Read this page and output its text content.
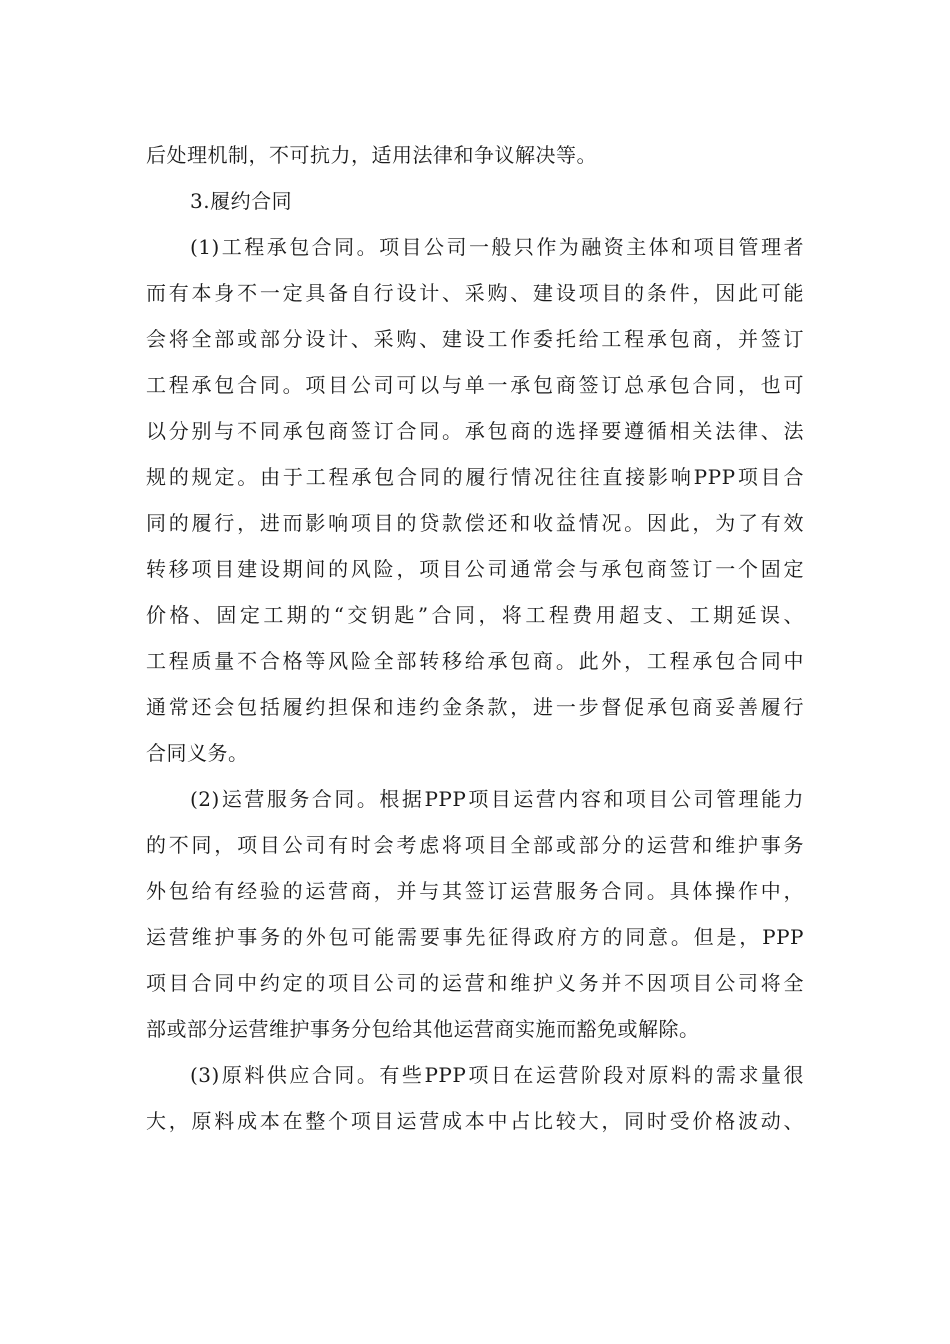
后处理机制，不可抗力，适用法律和争议解决等。
3.履约合同
(1)工程承包合同。项目公司一般只作为融资主体和项目管理者
而有本身不一定具备自行设计、采购、建设项目的条件，因此可能
会将全部或部分设计、采购、建设工作委托给工程承包商，并签订
工程承包合同。项目公司可以与单一承包商签订总承包合同，也可
以分别与不同承包商签订合同。承包商的选择要遵循相关法律、法
规的规定。由于工程承包合同的履行情况往往直接影响PPP项目合
同的履行，进而影响项目的贷款偿还和收益情况。因此，为了有效
转移项目建设期间的风险，项目公司通常会与承包商签订一个固定
价格、固定工期的“交钥匙”合同，将工程费用超支、工期延误、
工程质量不合格等风险全部转移给承包商。此外，工程承包合同中
通常还会包括履约担保和违约金条款，进一步督促承包商妥善履行
合同义务。
(2)运营服务合同。根据PPP项目运营内容和项目公司管理能力
的不同，项目公司有时会考虑将项目全部或部分的运营和维护事务
外包给有经验的运营商，并与其签订运营服务合同。具体操作中，
运营维护事务的外包可能需要事先征得政府方的同意。但是，PPP
项目合同中约定的项目公司的运营和维护义务并不因项目公司将全
部或部分运营维护事务分包给其他运营商实施而豁免或解除。
(3)原料供应合同。有些PPP项日在运营阶段对原料的需求量很
大，原料成本在整个项目运营成本中占比较大，同时受价格波动、
